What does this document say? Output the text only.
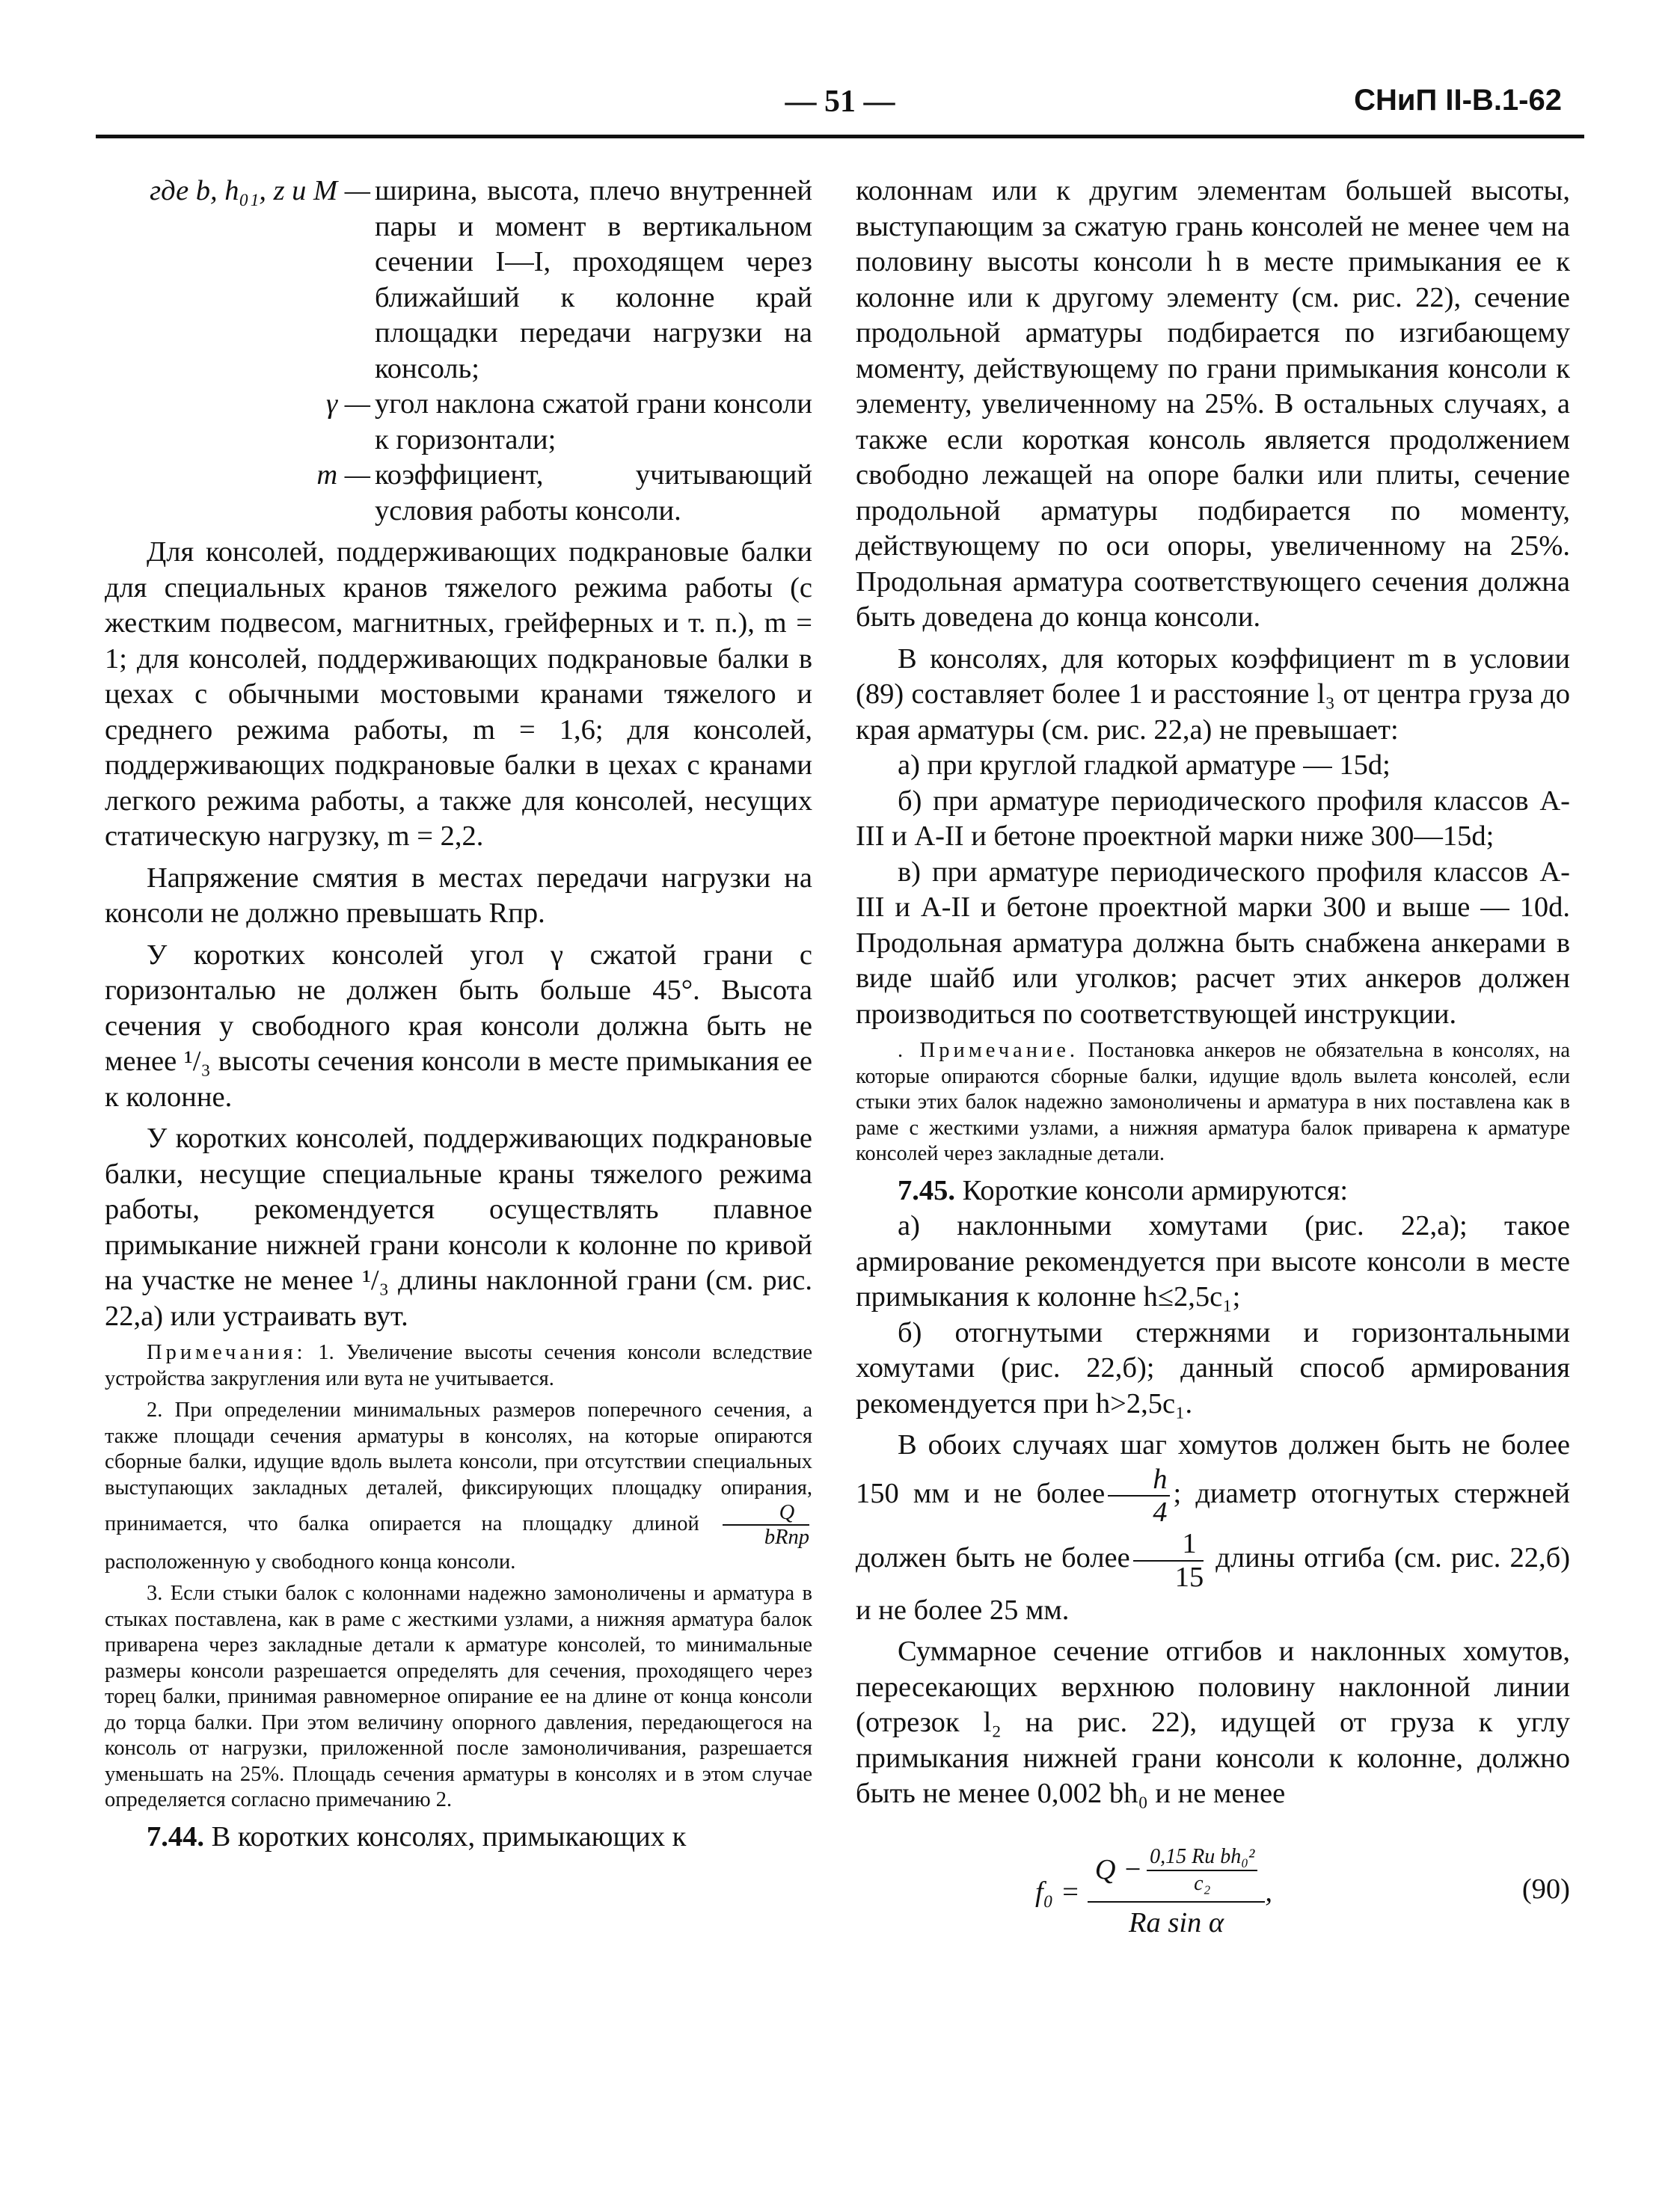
— 51 —	СНиП II-В.1-62
где b, h₀₁, z и M — ширина, высота, плечо внутренней пары и момент в вертикальном сечении I—I, проходящем через ближайший к колонне край площадки передачи нагрузки на консоль;

γ — угол наклона сжатой грани консоли к горизонтали;

m — коэффициент, учитывающий условия работы консоли.

Для консолей, поддерживающих подкрановые балки для специальных кранов тяжелого режима работы (с жестким подвесом, магнитных, грейферных и т. п.), m = 1; для консолей, поддерживающих подкрановые балки в цехах с обычными мостовыми кранами тяжелого и среднего режима работы, m = 1,6; для консолей, поддерживающих подкрановые балки в цехах с кранами легкого режима работы, а также для консолей, несущих статическую нагрузку, m = 2,2.

Напряжение смятия в местах передачи нагрузки на консоли не должно превышать Rпр.

У коротких консолей угол γ сжатой грани с горизонталью не должен быть больше 45°. Высота сечения у свободного края консоли должна быть не менее ¹/₃ высоты сечения консоли в месте примыкания ее к колонне.

У коротких консолей, поддерживающих подкрановые балки, несущие специальные краны тяжелого режима работы, рекомендуется осуществлять плавное примыкание нижней грани консоли к колонне по кривой на участке не менее ¹/₃ длины наклонной грани (см. рис. 22,а) или устраивать вут.

Примечания: 1. Увеличение высоты сечения консоли вследствие устройства закругления или вута не учитывается.

2. При определении минимальных размеров поперечного сечения, а также площади сечения арматуры в консолях, на которые опираются сборные балки, идущие вдоль вылета консоли, при отсутствии специальных выступающих закладных деталей, фиксирующих площадку опирания, принимается, что балка опирается на площадку длиной $\frac{Q}{\text{bRпр}}$
расположенную у свободного конца консоли.

3. Если стыки балок с колоннами надежно замоноличены и арматура в стыках поставлена, как в раме с жесткими узлами, а нижняя арматура балок приварена через закладные детали к арматуре консолей, то минимальные размеры консоли разрешается определять для сечения, проходящего через торец балки, принимая равномерное опирание ее на длине от конца консоли до торца балки. При этом величину опорного давления, передающегося на консоль от нагрузки, приложенной после замоноличивания, разрешается уменьшать на 25%. Площадь сечения арматуры в консолях и в этом случае определяется согласно примечанию 2.

7.44. В коротких консолях, примыкающих к

колоннам или к другим элементам большей высоты, выступающим за сжатую грань консолей не менее чем на половину высоты консоли h в месте примыкания ее к колонне или к другому элементу (см. рис. 22), сечение продольной арматуры подбирается по изгибающему моменту, действующему по грани примыкания консоли к элементу, увеличенному на 25%. В остальных случаях, а также если короткая консоль является продолжением свободно лежащей на опоре балки или плиты, сечение продольной арматуры подбирается по моменту, действующему по оси опоры, увеличенному на 25%. Продольная арматура соответствующего сечения должна быть доведена до конца консоли.

В консолях, для которых коэффициент m в условии (89) составляет более 1 и расстояние l₃ от центра груза до края арматуры (см. рис. 22,а) не превышает:

а) при круглой гладкой арматуре — 15d;

б) при арматуре периодического профиля классов А-III и А-II и бетоне проектной марки ниже 300—15d;

в) при арматуре периодического профиля классов А-III и А-II и бетоне проектной марки 300 и выше — 10d. Продольная арматура должна быть снабжена анкерами в виде шайб или уголков; расчет этих анкеров должен производиться по соответствующей инструкции.

. Примечание. Постановка анкеров не обязательна в консолях, на которые опираются сборные балки, идущие вдоль вылета консолей, если стыки этих балок надежно замоноличены и арматура в них поставлена как в раме с жесткими узлами, а нижняя арматура балок приварена к арматуре консолей через закладные детали.

7.45. Короткие консоли армируются:

а) наклонными хомутами (рис. 22,а); такое армирование рекомендуется при высоте консоли в месте примыкания к колонне h≤2,5c₁;

б) отогнутыми стержнями и горизонтальными хомутами (рис. 22,б); данный способ армирования рекомендуется при h>2,5c₁.

В обоих случаях шаг хомутов должен быть не более 150 мм и не более $\frac{h}{4}$ ; диаметр отогнутых стержней должен быть не более $\frac{1}{15}$ длины отгиба (см. рис. 22,б) и не более 25 мм.

Суммарное сечение отгибов и наклонных хомутов, пересекающих верхнюю половину наклонной линии (отрезок l₂ на рис. 22), идущей от груза к углу примыкания нижней грани консоли к колонне, должно быть не менее 0,002 bh₀ и не менее

f₀ =
Q − 0,15 Rи bh₀²
c₂
Rа sin α
,	(90)
